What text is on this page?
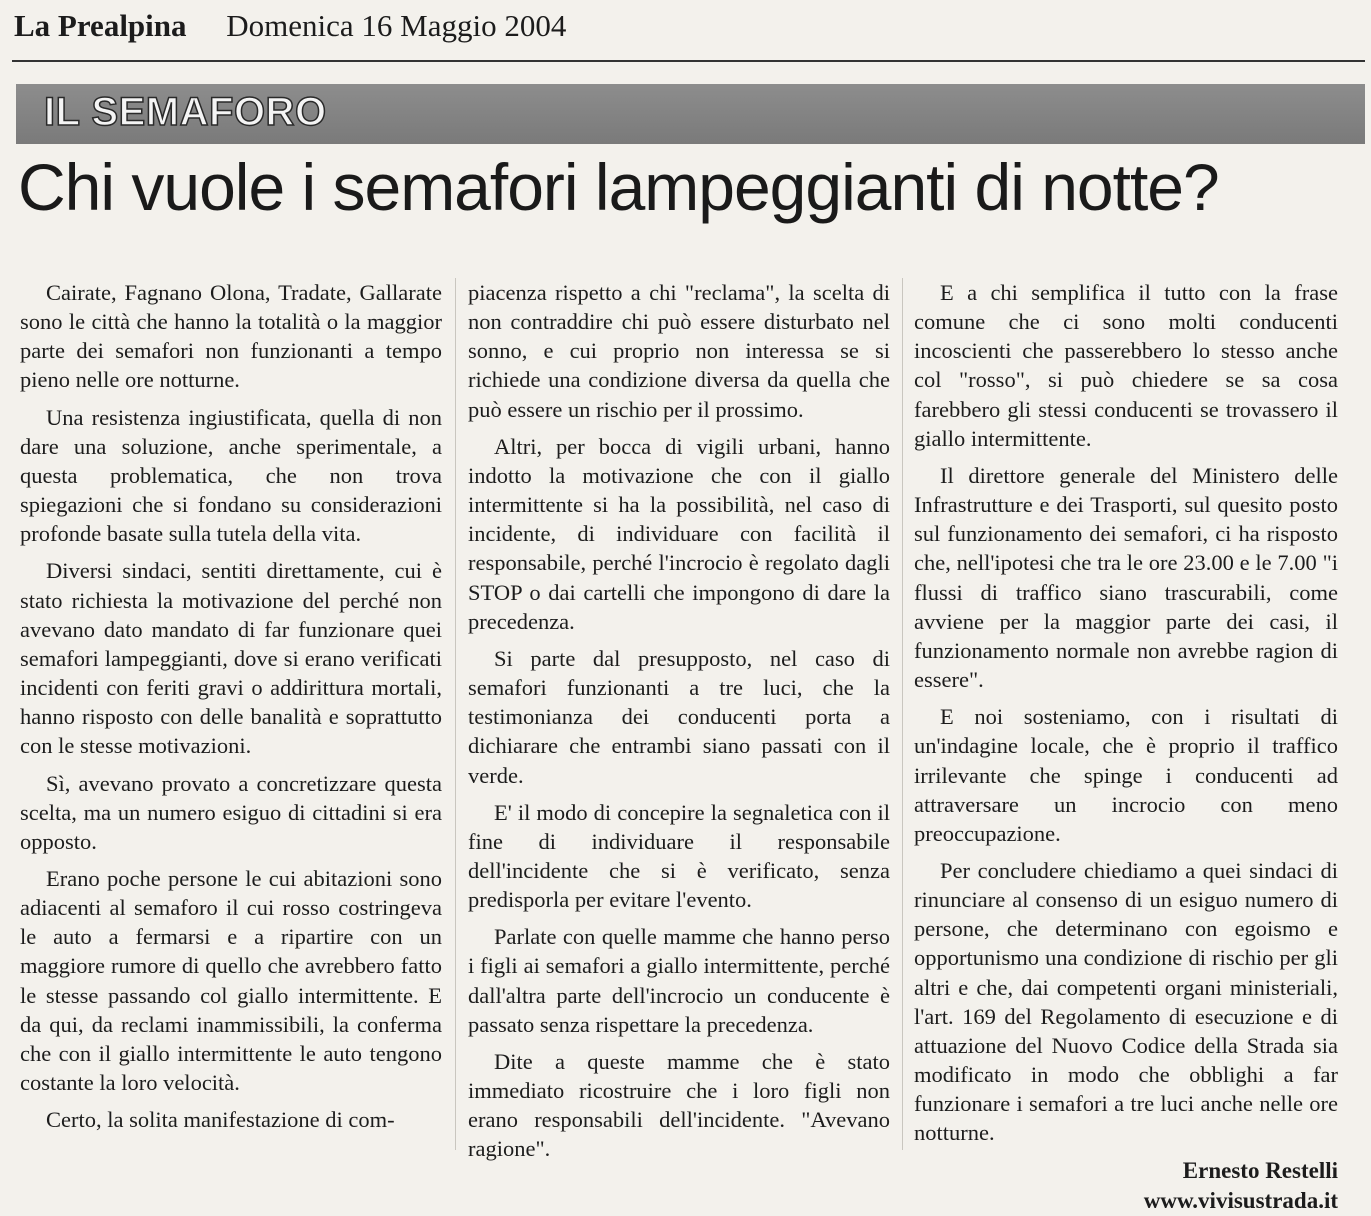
La Prealpina Domenica 16 Maggio 2004
IL SEMAFORO
Chi vuole i semafori lampeggianti di notte?

Cairate, Fagnano Olona, Tradate, Gallarate sono le città che hanno la totalità o la maggior parte dei semafori non funzionanti a tempo pieno nelle ore notturne.

Una resistenza ingiustificata, quella di non dare una soluzione, anche sperimentale, a questa problematica, che non trova spiegazioni che si fondano su considerazioni profonde basate sulla tutela della vita.

Diversi sindaci, sentiti direttamente, cui è stato richiesta la motivazione del perché non avevano dato mandato di far funzionare quei semafori lampeggianti, dove si erano verificati incidenti con feriti gravi o addirittura mortali, hanno risposto con delle banalità e soprattutto con le stesse motivazioni.

Sì, avevano provato a concretizzare questa scelta, ma un numero esiguo di cittadini si era opposto.

Erano poche persone le cui abitazioni sono adiacenti al semaforo il cui rosso costringeva le auto a fermarsi e a ripartire con un maggiore rumore di quello che avrebbero fatto le stesse passando col giallo intermittente. E da qui, da reclami inammissibili, la conferma che con il giallo intermittente le auto tengono costante la loro velocità.

Certo, la solita manifestazione di com-

piacenza rispetto a chi "reclama", la scelta di non contraddire chi può essere disturbato nel sonno, e cui proprio non interessa se si richiede una condizione diversa da quella che può essere un rischio per il prossimo.

Altri, per bocca di vigili urbani, hanno indotto la motivazione che con il giallo intermittente si ha la possibilità, nel caso di incidente, di individuare con facilità il responsabile, perché l'incrocio è regolato dagli STOP o dai cartelli che impongono di dare la precedenza.

Si parte dal presupposto, nel caso di semafori funzionanti a tre luci, che la testimonianza dei conducenti porta a dichiarare che entrambi siano passati con il verde.

E' il modo di concepire la segnaletica con il fine di individuare il responsabile dell'incidente che si è verificato, senza predisporla per evitare l'evento.

Parlate con quelle mamme che hanno perso i figli ai semafori a giallo intermittente, perché dall'altra parte dell'incrocio un conducente è passato senza rispettare la precedenza.

Dite a queste mamme che è stato immediato ricostruire che i loro figli non erano responsabili dell'incidente. "Avevano ragione".

E a chi semplifica il tutto con la frase comune che ci sono molti conducenti incoscienti che passerebbero lo stesso anche col "rosso", si può chiedere se sa cosa farebbero gli stessi conducenti se trovassero il giallo intermittente.

Il direttore generale del Ministero delle Infrastrutture e dei Trasporti, sul quesito posto sul funzionamento dei semafori, ci ha risposto che, nell'ipotesi che tra le ore 23.00 e le 7.00 "i flussi di traffico siano trascurabili, come avviene per la maggior parte dei casi, il funzionamento normale non avrebbe ragion di essere".

E noi sosteniamo, con i risultati di un'indagine locale, che è proprio il traffico irrilevante che spinge i conducenti ad attraversare un incrocio con meno preoccupazione.

Per concludere chiediamo a quei sindaci di rinunciare al consenso di un esiguo numero di persone, che determinano con egoismo e opportunismo una condizione di rischio per gli altri e che, dai competenti organi ministeriali, l'art. 169 del Regolamento di esecuzione e di attuazione del Nuovo Codice della Strada sia modificato in modo che obblighi a far funzionare i semafori a tre luci anche nelle ore notturne.

Ernesto Restelli
www.vivisustrada.it
